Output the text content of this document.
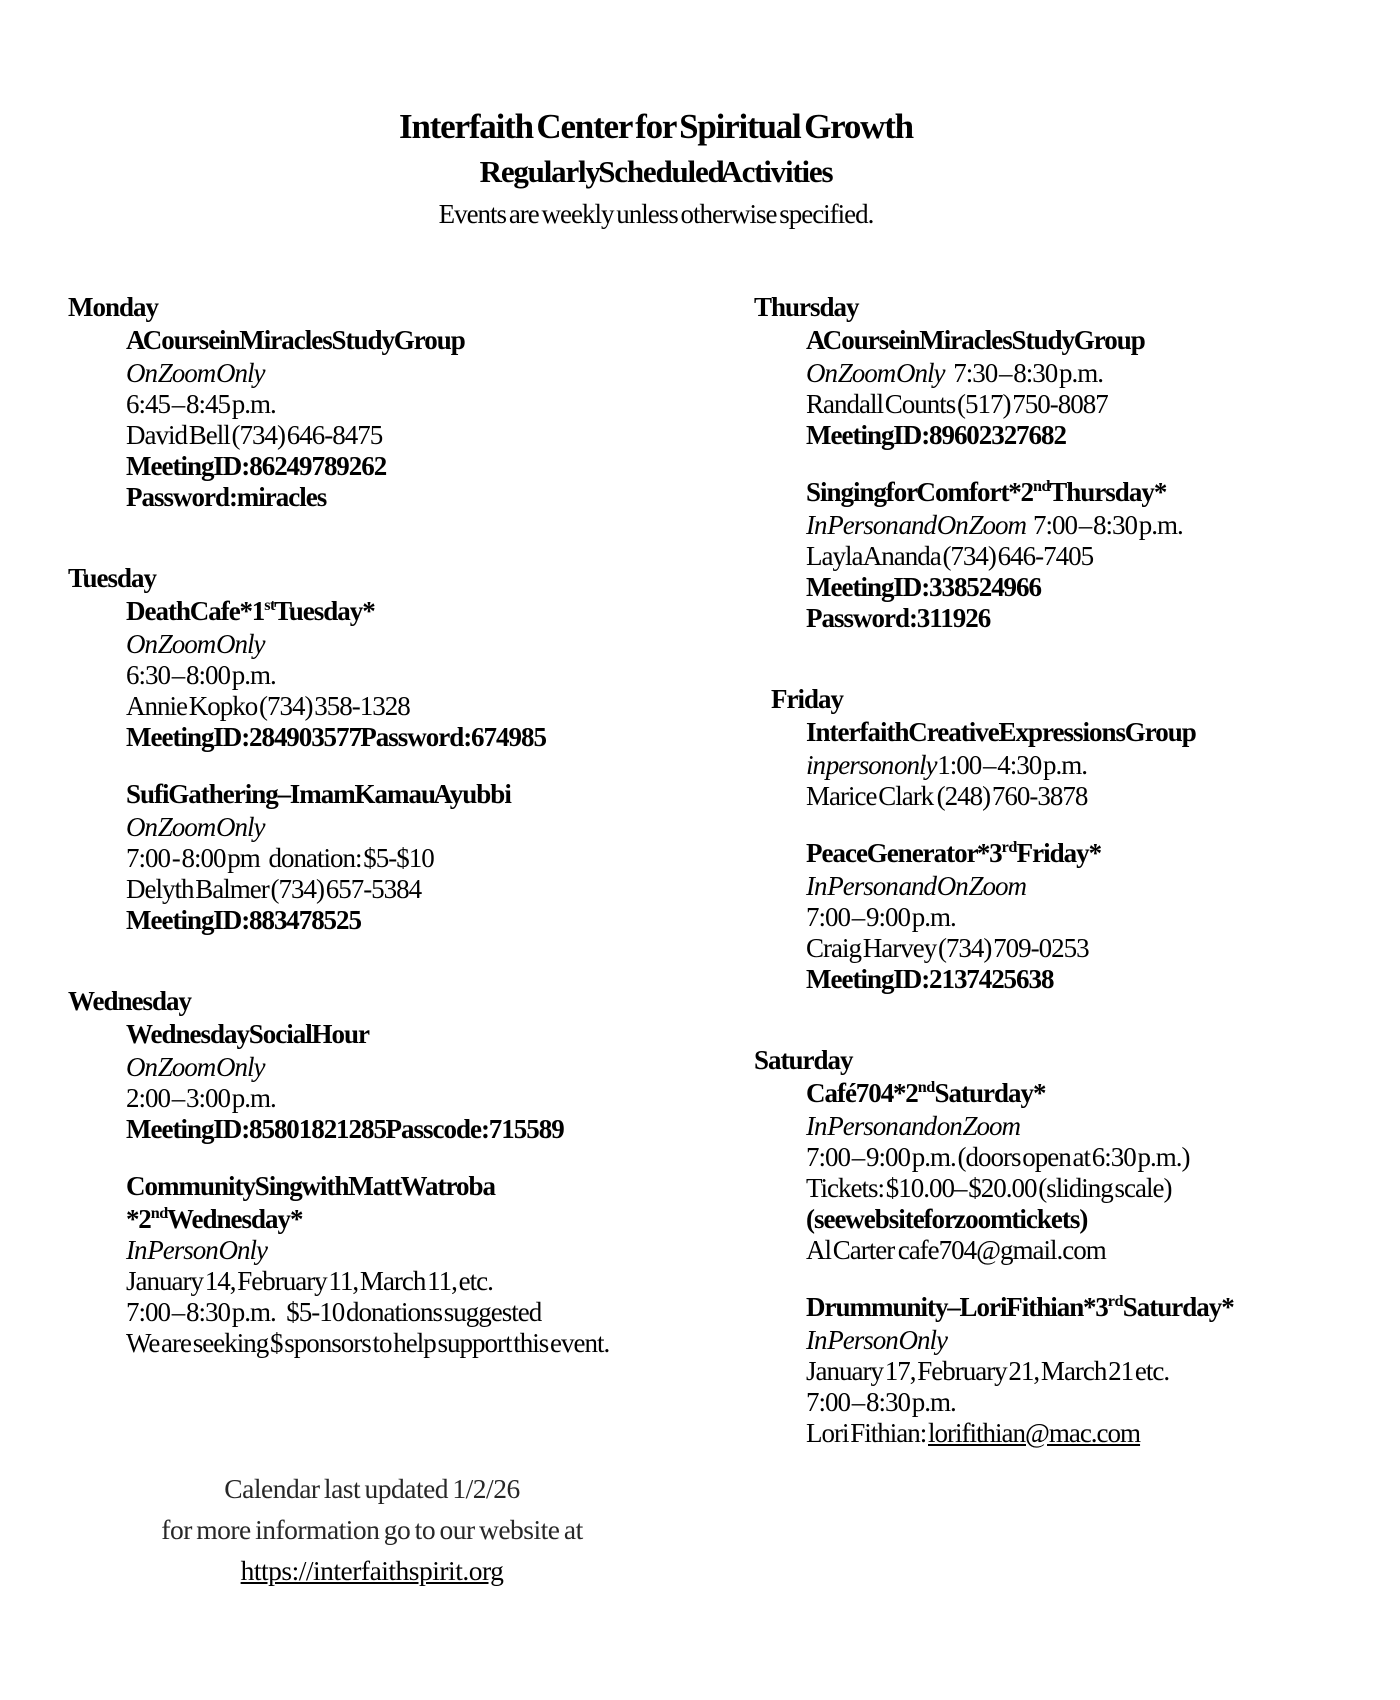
Interfaith Center for Spiritual Growth
Regularly Scheduled Activities

Events are weekly unless otherwise specified.

Monday
A Course in Miracles Study Group
On Zoom Only
6:45 – 8:45 p.m.
David Bell (734) 646-8475
Meeting ID:862 4978 9262
Password: miracles
Tuesday
Death Cafe * 1st Tuesday*
On Zoom Only
6:30 – 8:00 p.m.
Annie Kopko (734) 358-1328
Meeting ID: 284 903 577   Password: 674985
Sufi Gathering – Imam Kamau Ayubbi
On Zoom Only
7:00 - 8:00 pm     donation: $5-$10
Delyth Balmer (734) 657-5384
Meeting ID: 883 478 525
Wednesday
Wednesday Social Hour
On Zoom Only
2:00 – 3:00 p.m.
Meeting ID: 858 0182 1285  Passcode: 715589
Community Sing with Matt Watroba
* 2nd Wednesday*
In Person Only
January 14, February 11, March 11, etc.
7:00 – 8:30 p.m.      $5-10 donations suggested
We are seeking $ sponsors to help support this event.
Thursday
A Course in Miracles Study Group
On Zoom Only     7:30 – 8:30 p.m.
Randall Counts (517) 750-8087
Meeting ID: 896 0232 7682
Singing for Comfort * 2nd Thursday*
In Person and On Zoom    7:00 – 8:30 p.m.
Layla Ananda (734) 646-7405
Meeting ID: 338 524 966
Password: 311926
Friday
Interfaith Creative Expressions Group
in person only 1:00 – 4:30 p.m.
Marice Clark  (248) 760-3878
Peace Generator * 3rd Friday*
In Person and On Zoom
7:00 – 9:00 p.m.
Craig Harvey (734) 709-0253
Meeting ID: 213 742 5638
Saturday
Café 704 * 2nd Saturday*
In Person and on Zoom
7:00 – 9:00 p.m. (doors open at 6:30 p.m.)
Tickets: $10.00– $20.00 (sliding scale)
(see website for zoom tickets)
Al Carter  cafe704@gmail.com
Drummunity – Lori Fithian * 3rd Saturday*
In Person Only
January 17, February 21, March 21 etc.
7:00 – 8:30 p.m.
Lori Fithian: lorifithian@mac.com
Calendar last updated 1/2/26
for more information go to our website at
https://interfaithspirit.org
